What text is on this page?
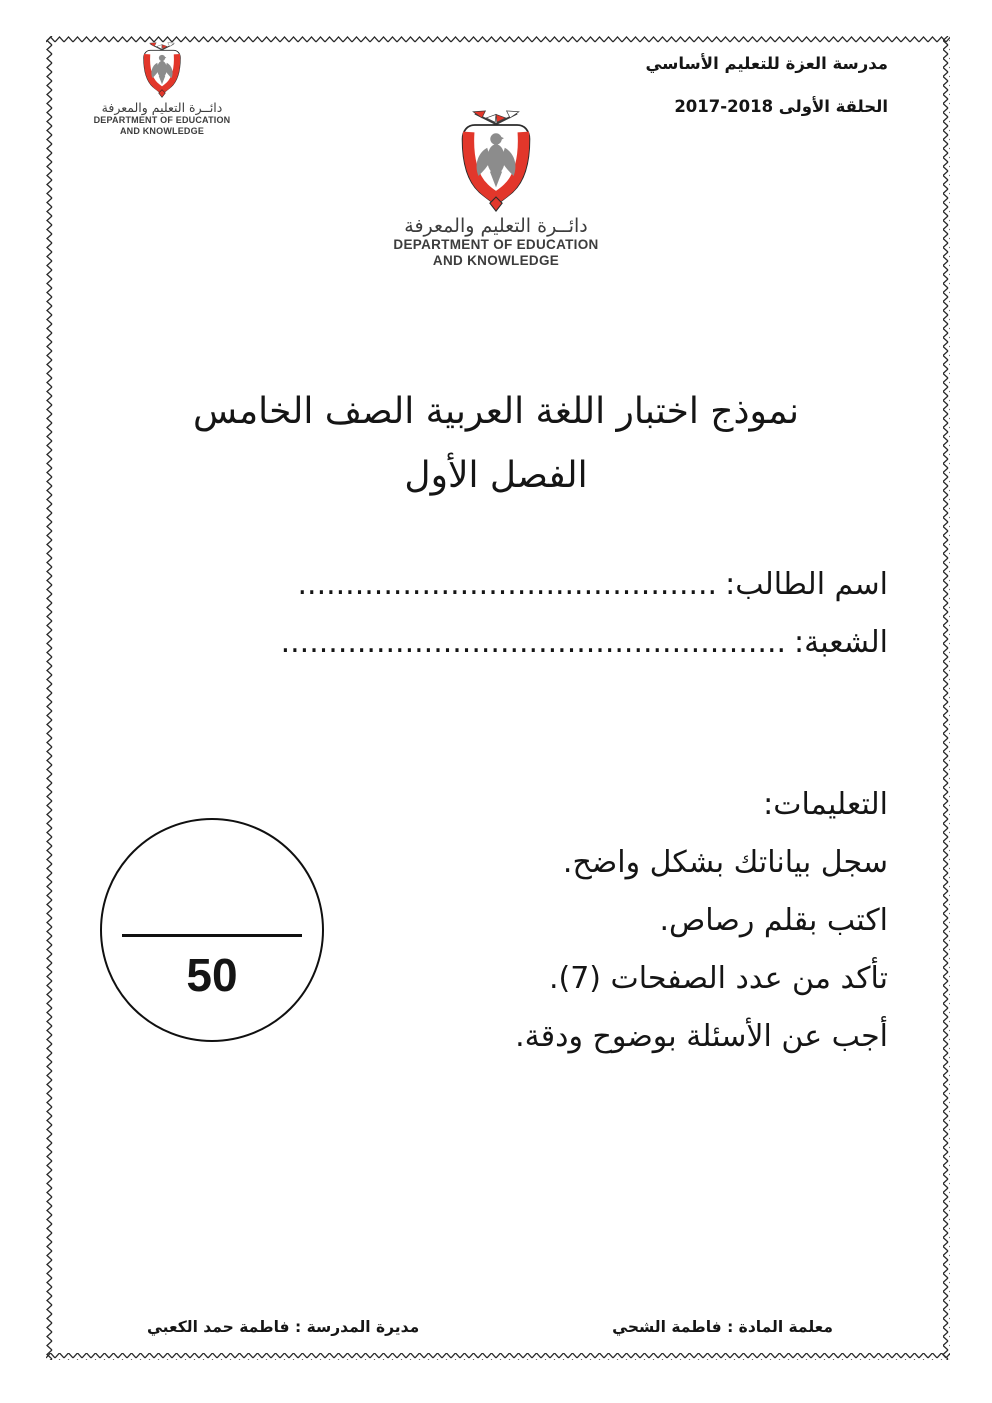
دائــرة التعليم والمعرفة
DEPARTMENT OF EDUCATION
AND KNOWLEDGE
مدرسة العزة للتعليم الأساسي
الحلقة الأولى 2018-2017
دائــرة التعليم والمعرفة
DEPARTMENT OF EDUCATION
AND KNOWLEDGE
نموذج اختبار اللغة العربية الصف الخامس
الفصل الأول
اسم الطالب:............................................
الشعبة:.....................................................
50
التعليمات:
سجل بياناتك بشكل واضح.
اكتب بقلم رصاص.
تأكد من عدد الصفحات (7).
أجب عن الأسئلة بوضوح ودقة.
معلمة المادة : فاطمة الشحي
مديرة المدرسة : فاطمة حمد الكعبي
